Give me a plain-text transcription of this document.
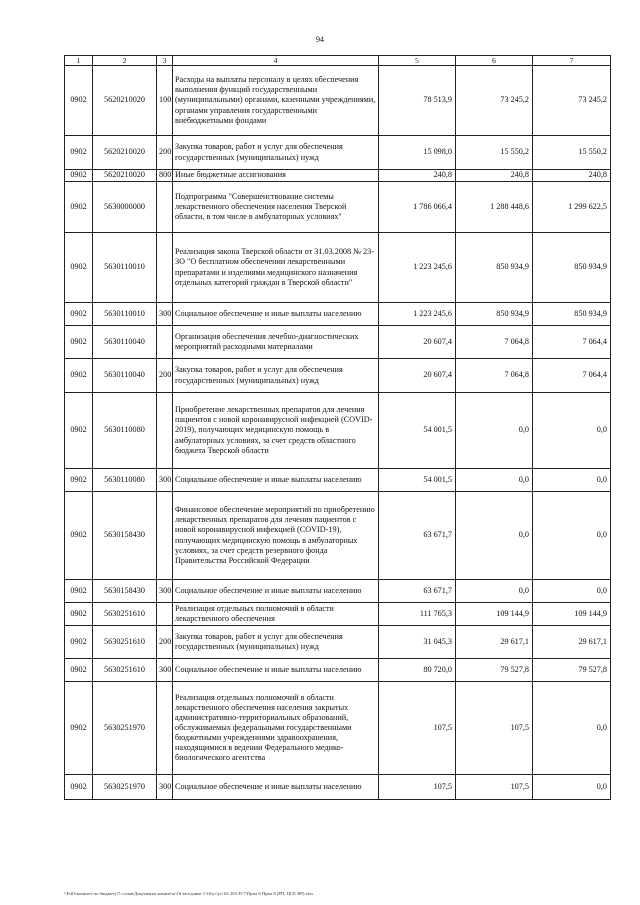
94
1	2	3	4	5	6	7
0902	5620210020	100	Расходы на выплаты персоналу в целях обеспечения выполнения функций государственными (муниципальными) органами, казенными учреждениями, органами управления государственными внебюджетными фондами	78 513,9	73 245,2	73 245,2
0902	5620210020	200	Закупка товаров, работ и услуг для обеспечения государственных (муниципальных) нужд	15 098,0	15 550,2	15 550,2
0902	5620210020	800	Иные бюджетные ассигнования	240,8	240,8	240,8
0902	5630000000		Подпрограмма "Совершенствование системы лекарственного обеспечения населения Тверской области, в том числе в амбулаторных условиях"	1 786 066,4	1 288 448,6	1 299 622,5
0902	5630110010		Реализация закона Тверской области от 31.03.2008 № 23-ЗО "О бесплатном обеспечении лекарственными препаратами и изделиями медицинского назначения отдельных категорий граждан в Тверской области"	1 223 245,6	850 934,9	850 934,9
0902	5630110010	300	Социальное обеспечение и иные выплаты населению	1 223 245,6	850 934,9	850 934,9
0902	5630110040		Организация обеспечения лечебно-диагностических мероприятий расходными материалами	20 607,4	7 064,8	7 064,4
0902	5630110040	200	Закупка товаров, работ и услуг для обеспечения государственных (муниципальных) нужд	20 607,4	7 064,8	7 064,4
0902	5630110080		Приобретение лекарственных препаратов для лечения пациентов с новой коронавирусной инфекцией (COVID-2019), получающих медицинскую помощь в амбулаторных условиях, за счет средств областного бюджета Тверской области	54 001,5	0,0	0,0
0902	5630110080	300	Социальное обеспечение и иные выплаты населению	54 001,5	0,0	0,0
0902	5630158430		Финансовое обеспечение мероприятий по приобретению лекарственных препаратов для лечения пациентов с новой коронавирусной инфекцией (COVID-19), получающих медицинскую помощь в амбулаторных условиях, за счет средств резервного фонда Правительства Российской Федерации	63 671,7	0,0	0,0
0902	5630158430	300	Социальное обеспечение и иные выплаты населению	63 671,7	0,0	0,0
0902	5630251610		Реализация отдельных полномочий в области лекарственного обеспечения	111 765,3	109 144,9	109 144,9
0902	5630251610	200	Закупка товаров, работ и услуг для обеспечения государственных (муниципальных) нужд	31 045,3	29 617,1	29 617,1
0902	5630251610	300	Социальное обеспечение и иные выплаты населению	80 720,0	79 527,8	79 527,8
0902	5630251970		Реализация отдельных полномочий в области лекарственного обеспечения населения закрытых административно-территориальных образований, обслуживаемых федеральными государственными бюджетными учреждениями здравоохранения, находящимися в ведении Федерального медико-биологического агентства	107,5	107,5	0,0
0902	5630251970	300	Социальное обеспечение и иные выплаты населению	107,5	107,5	0,0
\\Fs03\комитет по бюджету\7 созыв\Документы комитета\16 заседание 1\16\уг\уг\16\ 265-П-7\Прил 6 Прил 8 (РП, ЦСР, ВР).xlsx
